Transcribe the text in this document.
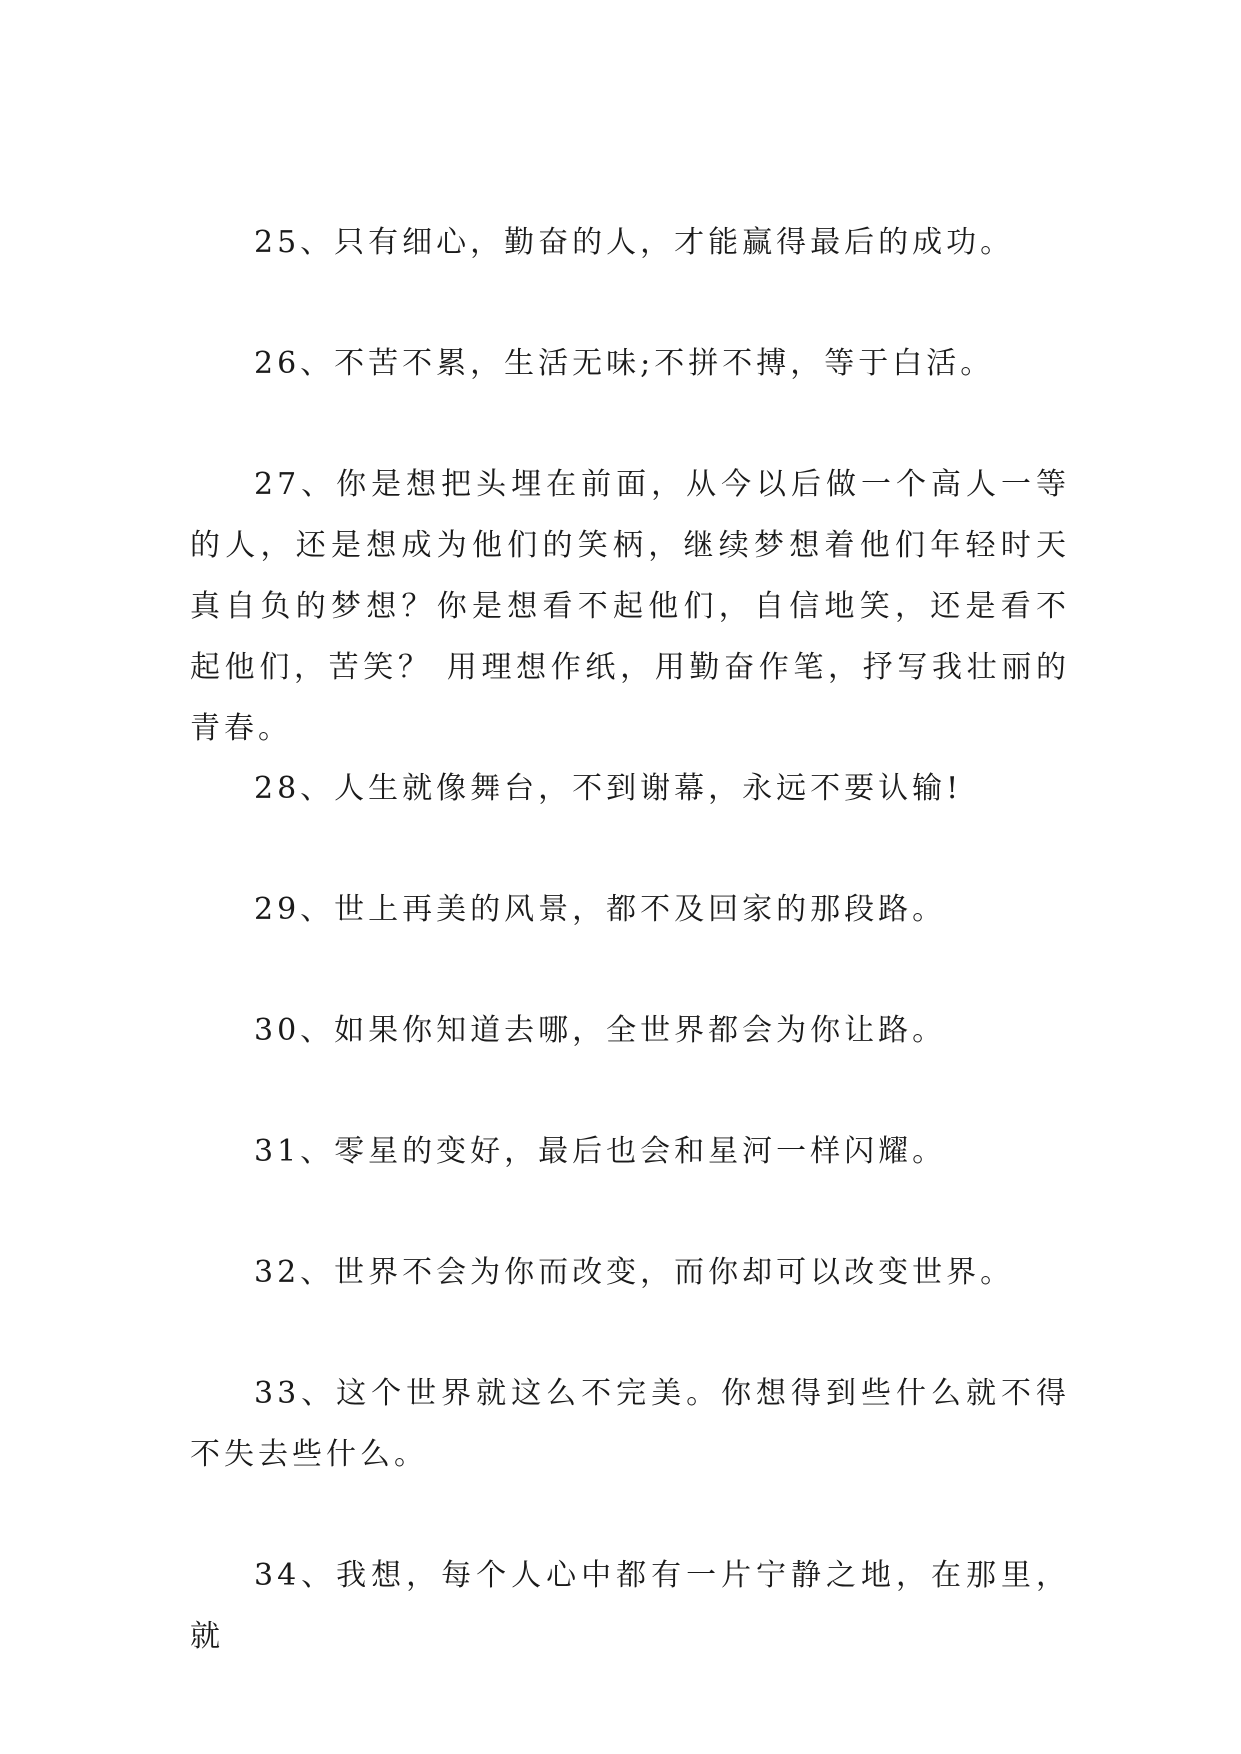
25、只有细心，勤奋的人，才能赢得最后的成功。

26、不苦不累，生活无味;不拼不搏，等于白活。

27、你是想把头埋在前面，从今以后做一个高人一等的人，还是想成为他们的笑柄，继续梦想着他们年轻时天真自负的梦想？你是想看不起他们，自信地笑，还是看不起他们，苦笑？ 用理想作纸，用勤奋作笔，抒写我壮丽的青春。

28、人生就像舞台，不到谢幕，永远不要认输!

29、世上再美的风景，都不及回家的那段路。

30、如果你知道去哪，全世界都会为你让路。

31、零星的变好，最后也会和星河一样闪耀。

32、世界不会为你而改变，而你却可以改变世界。

33、这个世界就这么不完美。你想得到些什么就不得不失去些什么。

34、我想，每个人心中都有一片宁静之地，在那里，就
